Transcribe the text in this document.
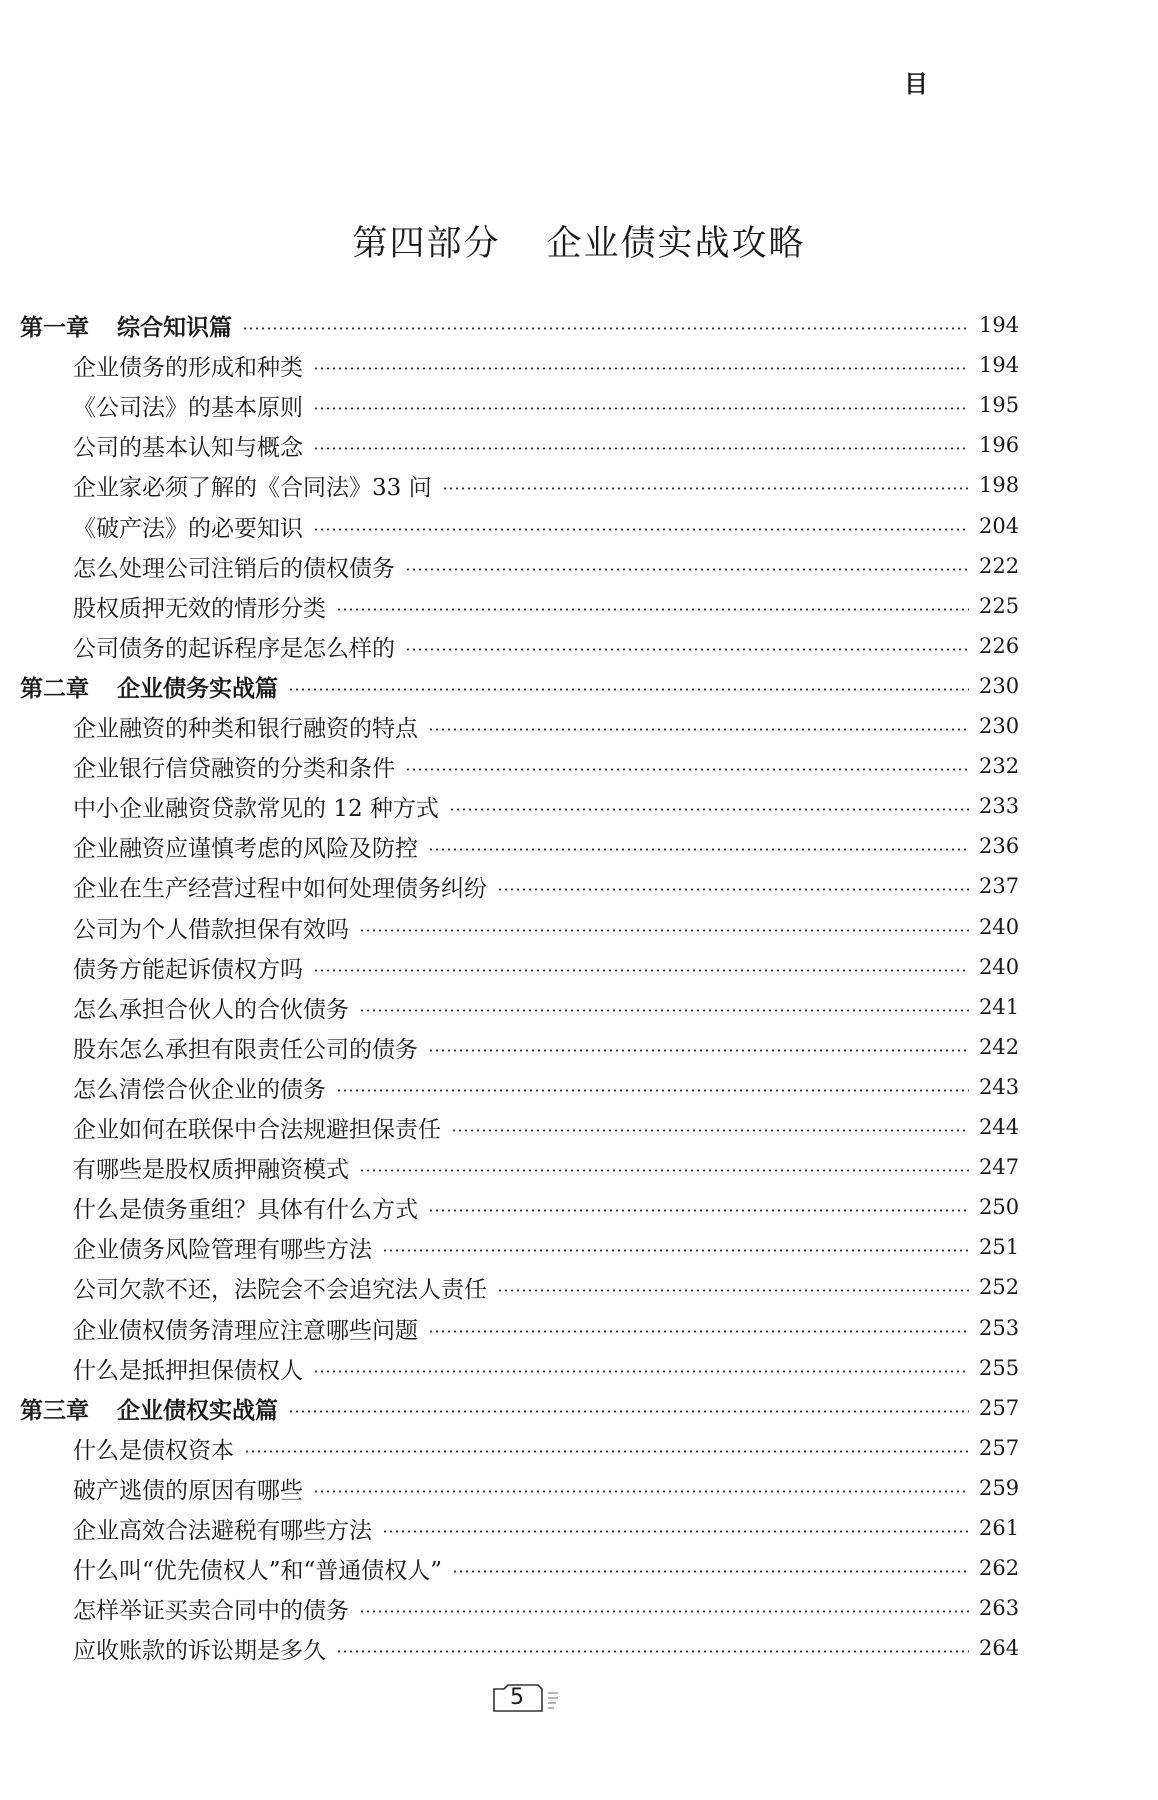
目
第四部分 企业债实战攻略
第一章 综合知识篇	194
企业债务的形成和种类	194
《公司法》的基本原则	195
公司的基本认知与概念	196
企业家必须了解的《合同法》33 问	198
《破产法》的必要知识	204
怎么处理公司注销后的债权债务	222
股权质押无效的情形分类	225
公司债务的起诉程序是怎么样的	226
第二章 企业债务实战篇	230
企业融资的种类和银行融资的特点	230
企业银行信贷融资的分类和条件	232
中小企业融资贷款常见的 12 种方式	233
企业融资应谨慎考虑的风险及防控	236
企业在生产经营过程中如何处理债务纠纷	237
公司为个人借款担保有效吗	240
债务方能起诉债权方吗	240
怎么承担合伙人的合伙债务	241
股东怎么承担有限责任公司的债务	242
怎么清偿合伙企业的债务	243
企业如何在联保中合法规避担保责任	244
有哪些是股权质押融资模式	247
什么是债务重组？具体有什么方式	250
企业债务风险管理有哪些方法	251
公司欠款不还，法院会不会追究法人责任	252
企业债权债务清理应注意哪些问题	253
什么是抵押担保债权人	255
第三章 企业债权实战篇	257
什么是债权资本	257
破产逃债的原因有哪些	259
企业高效合法避税有哪些方法	261
什么叫“优先债权人”和“普通债权人”	262
怎样举证买卖合同中的债务	263
应收账款的诉讼期是多久	264
5
